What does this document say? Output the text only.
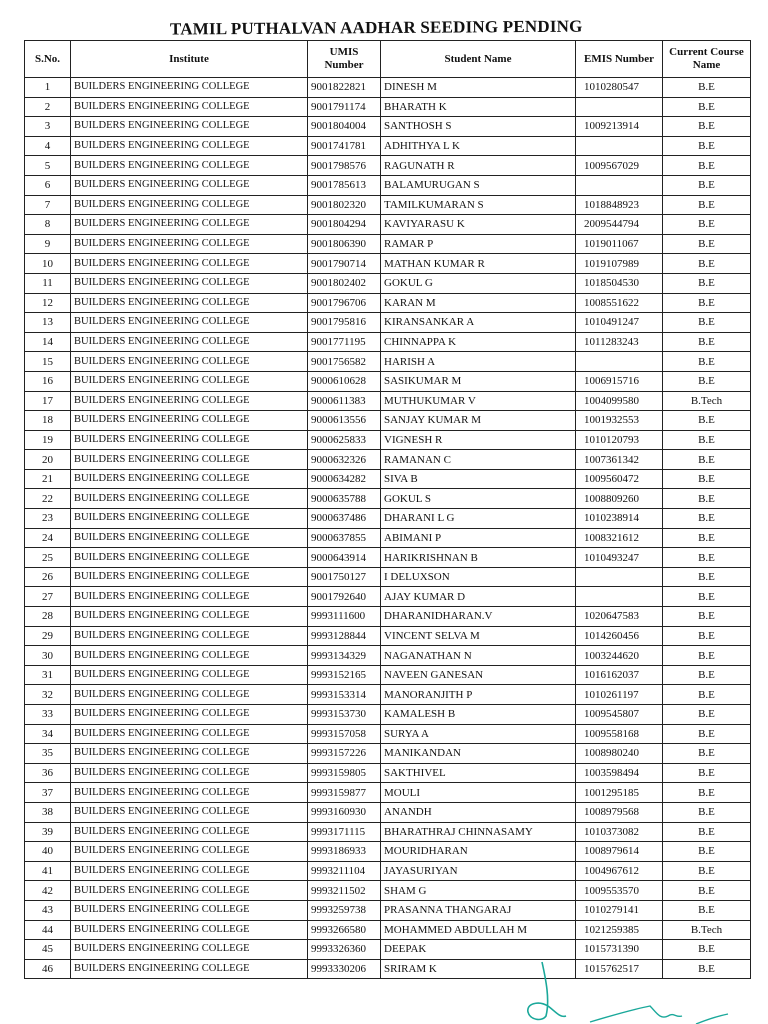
TAMIL PUTHALVAN AADHAR SEEDING PENDING
S.No.	Institute	UMIS Number	Student Name	EMIS Number	Current Course Name
1	BUILDERS ENGINEERING COLLEGE	9001822821	DINESH M	1010280547	B.E
2	BUILDERS ENGINEERING COLLEGE	9001791174	BHARATH K		B.E
3	BUILDERS ENGINEERING COLLEGE	9001804004	SANTHOSH S	1009213914	B.E
4	BUILDERS ENGINEERING COLLEGE	9001741781	ADHITHYA L K		B.E
5	BUILDERS ENGINEERING COLLEGE	9001798576	RAGUNATH R	1009567029	B.E
6	BUILDERS ENGINEERING COLLEGE	9001785613	BALAMURUGAN S		B.E
7	BUILDERS ENGINEERING COLLEGE	9001802320	TAMILKUMARAN S	1018848923	B.E
8	BUILDERS ENGINEERING COLLEGE	9001804294	KAVIYARASU K	2009544794	B.E
9	BUILDERS ENGINEERING COLLEGE	9001806390	RAMAR P	1019011067	B.E
10	BUILDERS ENGINEERING COLLEGE	9001790714	MATHAN KUMAR R	1019107989	B.E
11	BUILDERS ENGINEERING COLLEGE	9001802402	GOKUL G	1018504530	B.E
12	BUILDERS ENGINEERING COLLEGE	9001796706	KARAN M	1008551622	B.E
13	BUILDERS ENGINEERING COLLEGE	9001795816	KIRANSANKAR A	1010491247	B.E
14	BUILDERS ENGINEERING COLLEGE	9001771195	CHINNAPPA K	1011283243	B.E
15	BUILDERS ENGINEERING COLLEGE	9001756582	HARISH A		B.E
16	BUILDERS ENGINEERING COLLEGE	9000610628	SASIKUMAR M	1006915716	B.E
17	BUILDERS ENGINEERING COLLEGE	9000611383	MUTHUKUMAR V	1004099580	B.Tech
18	BUILDERS ENGINEERING COLLEGE	9000613556	SANJAY KUMAR M	1001932553	B.E
19	BUILDERS ENGINEERING COLLEGE	9000625833	VIGNESH R	1010120793	B.E
20	BUILDERS ENGINEERING COLLEGE	9000632326	RAMANAN C	1007361342	B.E
21	BUILDERS ENGINEERING COLLEGE	9000634282	SIVA B	1009560472	B.E
22	BUILDERS ENGINEERING COLLEGE	9000635788	GOKUL S	1008809260	B.E
23	BUILDERS ENGINEERING COLLEGE	9000637486	DHARANI L G	1010238914	B.E
24	BUILDERS ENGINEERING COLLEGE	9000637855	ABIMANI P	1008321612	B.E
25	BUILDERS ENGINEERING COLLEGE	9000643914	HARIKRISHNAN B	1010493247	B.E
26	BUILDERS ENGINEERING COLLEGE	9001750127	I DELUXSON		B.E
27	BUILDERS ENGINEERING COLLEGE	9001792640	AJAY KUMAR D		B.E
28	BUILDERS ENGINEERING COLLEGE	9993111600	DHARANIDHARAN.V	1020647583	B.E
29	BUILDERS ENGINEERING COLLEGE	9993128844	VINCENT SELVA M	1014260456	B.E
30	BUILDERS ENGINEERING COLLEGE	9993134329	NAGANATHAN N	1003244620	B.E
31	BUILDERS ENGINEERING COLLEGE	9993152165	NAVEEN GANESAN	1016162037	B.E
32	BUILDERS ENGINEERING COLLEGE	9993153314	MANORANJITH P	1010261197	B.E
33	BUILDERS ENGINEERING COLLEGE	9993153730	KAMALESH B	1009545807	B.E
34	BUILDERS ENGINEERING COLLEGE	9993157058	SURYA A	1009558168	B.E
35	BUILDERS ENGINEERING COLLEGE	9993157226	MANIKANDAN	1008980240	B.E
36	BUILDERS ENGINEERING COLLEGE	9993159805	SAKTHIVEL	1003598494	B.E
37	BUILDERS ENGINEERING COLLEGE	9993159877	MOULI	1001295185	B.E
38	BUILDERS ENGINEERING COLLEGE	9993160930	ANANDH	1008979568	B.E
39	BUILDERS ENGINEERING COLLEGE	9993171115	BHARATHRAJ CHINNASAMY	1010373082	B.E
40	BUILDERS ENGINEERING COLLEGE	9993186933	MOURIDHARAN	1008979614	B.E
41	BUILDERS ENGINEERING COLLEGE	9993211104	JAYASURIYAN	1004967612	B.E
42	BUILDERS ENGINEERING COLLEGE	9993211502	SHAM G	1009553570	B.E
43	BUILDERS ENGINEERING COLLEGE	9993259738	PRASANNA THANGARAJ	1010279141	B.E
44	BUILDERS ENGINEERING COLLEGE	9993266580	MOHAMMED ABDULLAH M	1021259385	B.Tech
45	BUILDERS ENGINEERING COLLEGE	9993326360	DEEPAK	1015731390	B.E
46	BUILDERS ENGINEERING COLLEGE	9993330206	SRIRAM K	1015762517	B.E
